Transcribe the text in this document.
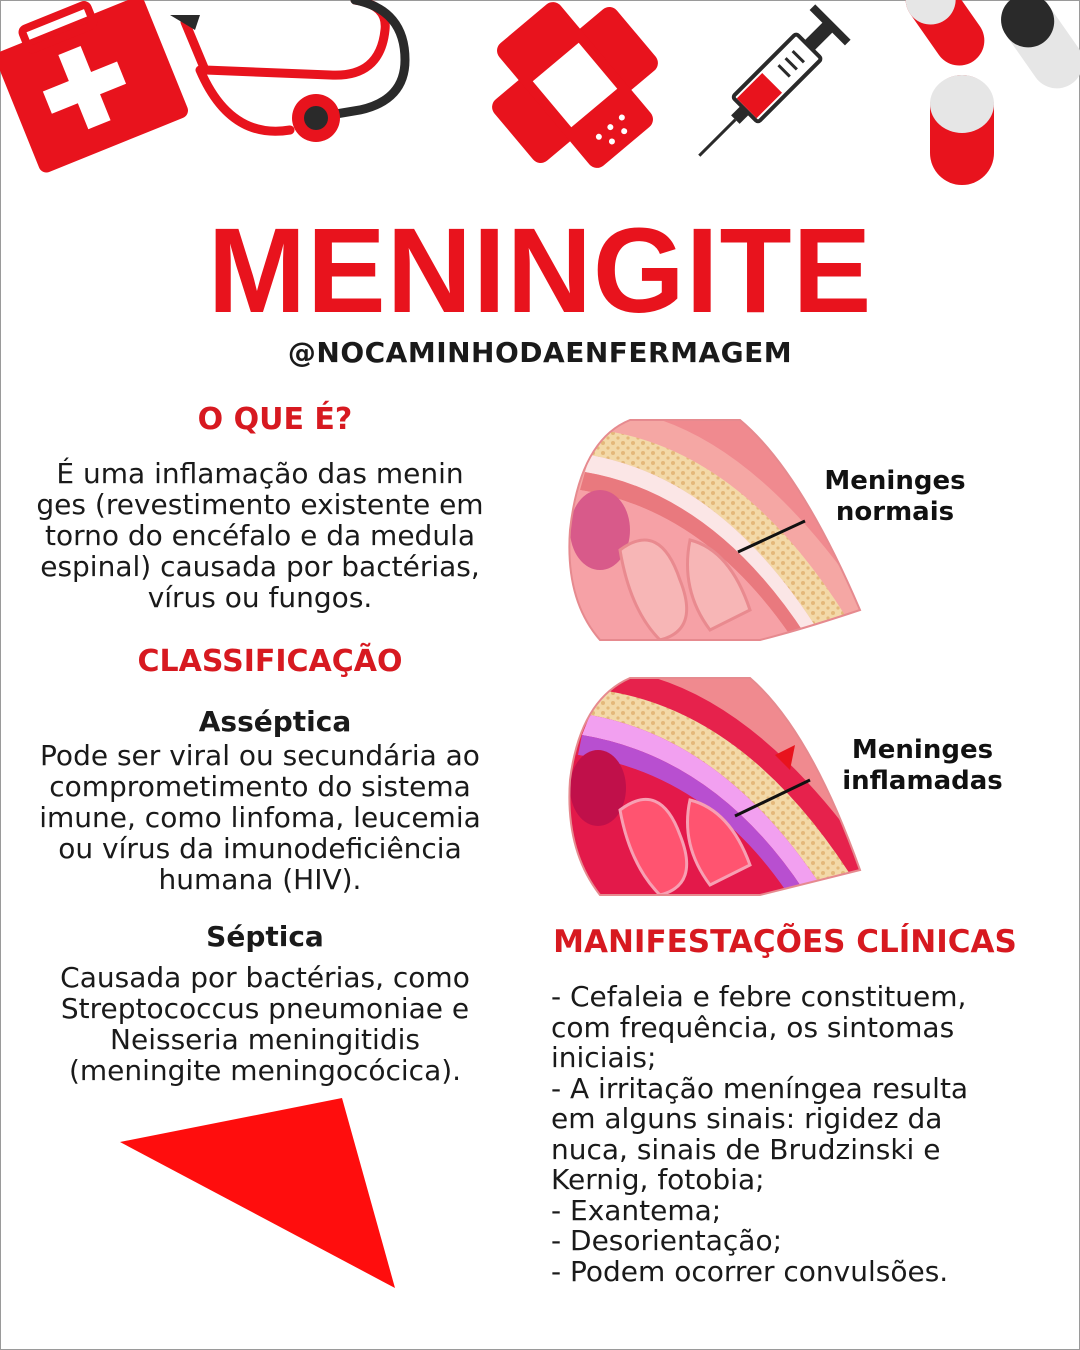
MENINGITE
@NOCAMINHODAENFERMAGEM
O QUE É?
É uma inflamação das menin
ges (revestimento existente em
torno do encéfalo e da medula
espinal) causada por bactérias,
vírus ou fungos.
CLASSIFICAÇÃO
Asséptica
Pode ser viral ou secundária ao
comprometimento do sistema
imune, como linfoma, leucemia
ou vírus da imunodeficiência
humana (HIV).
Séptica
Causada por bactérias, como
Streptococcus pneumoniae e
Neisseria meningitidis
(meningite meningocócica).
Meninges
normais
Meninges
inflamadas
MANIFESTAÇÕES CLÍNICAS
- Cefaleia e febre constituem,
com frequência, os sintomas
iniciais;
- A irritação meníngea resulta
em alguns sinais: rigidez da
nuca, sinais de Brudzinski e
Kernig, fotobia;
- Exantema;
- Desorientação;
- Podem ocorrer convulsões.
